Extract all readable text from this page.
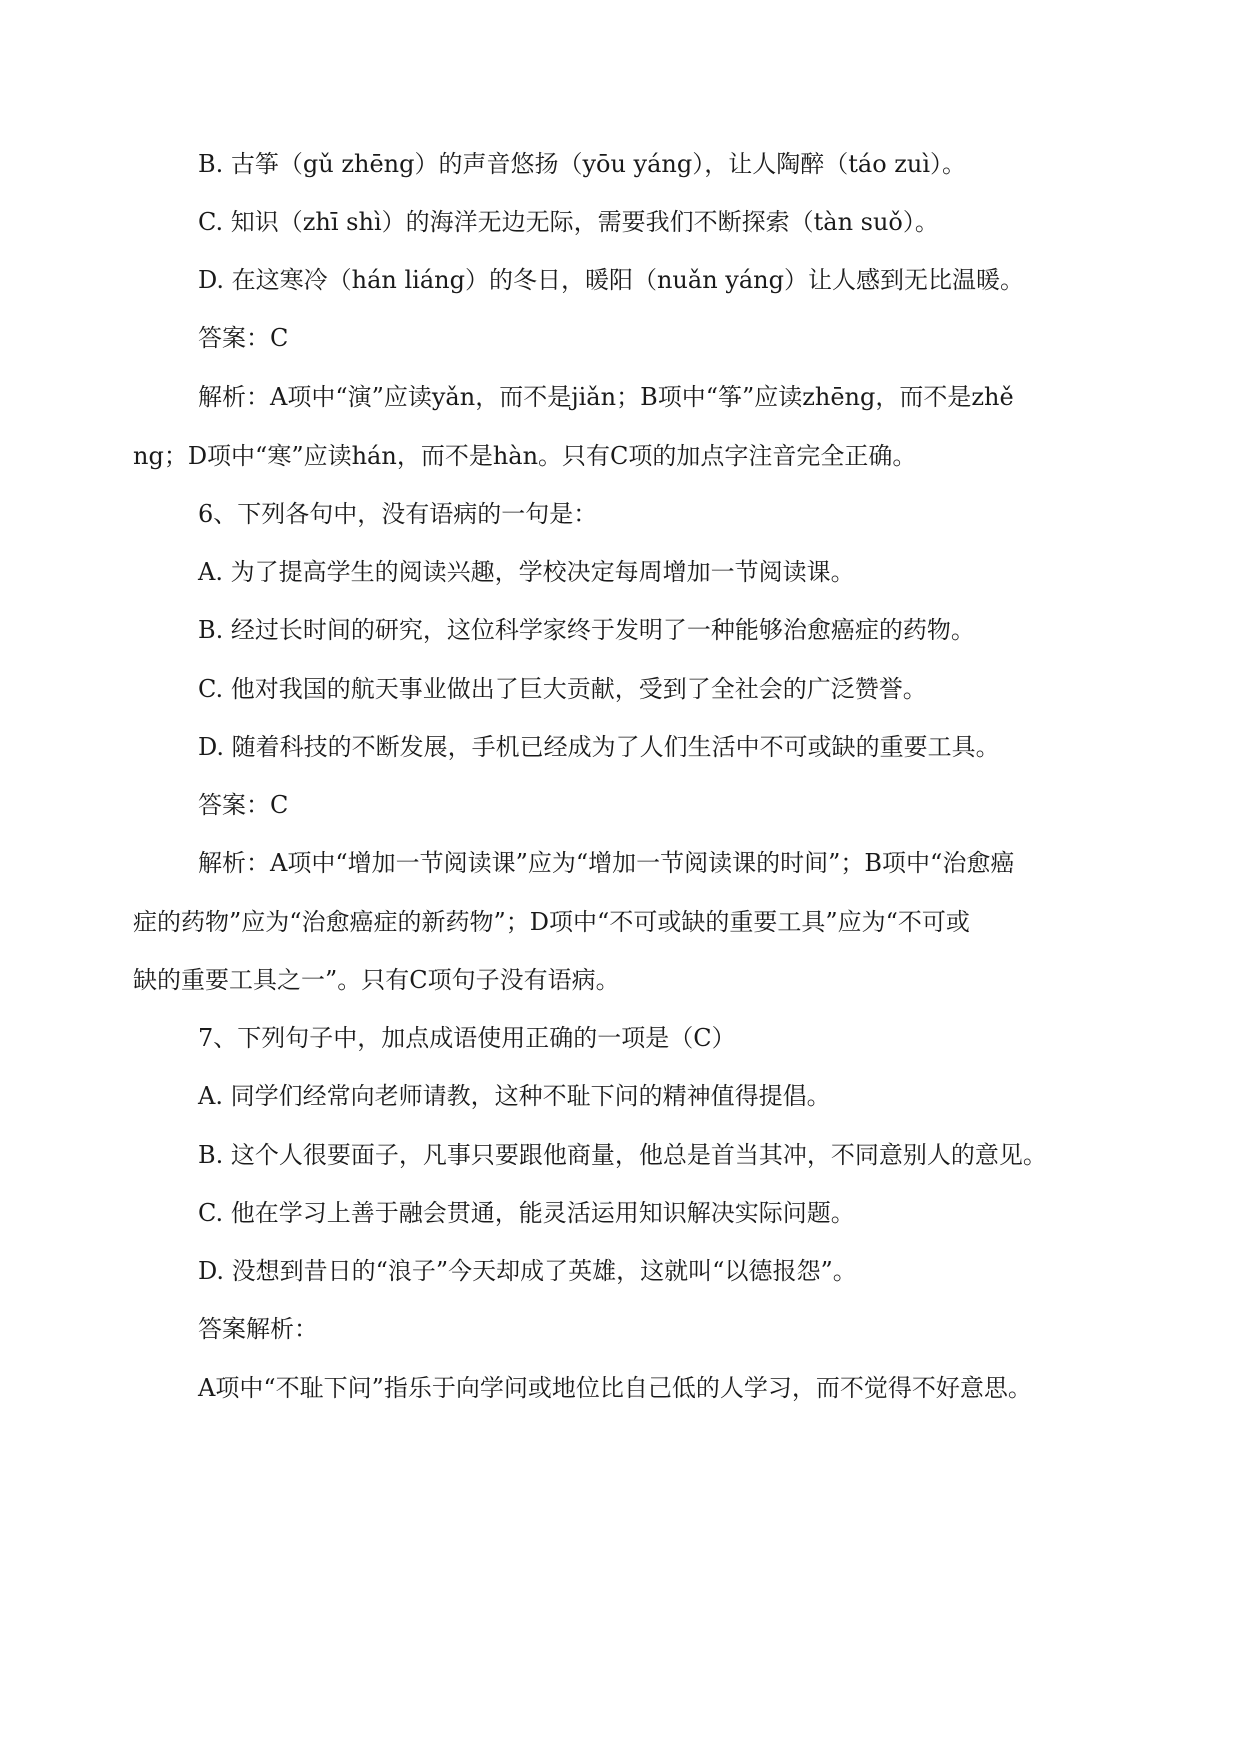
B. 古筝（gǔ zhēng）的声音悠扬（yōu yáng），让人陶醉（táo zuì）。
C. 知识（zhī shì）的海洋无边无际，需要我们不断探索（tàn suǒ）。
D. 在这寒冷（hán liáng）的冬日，暖阳（nuǎn yáng）让人感到无比温暖。
答案：C
解析：A项中“演”应读yǎn，而不是jiǎn；B项中“筝”应读zhēng，而不是zhě
ng；D项中“寒”应读hán，而不是hàn。只有C项的加点字注音完全正确。
6、下列各句中，没有语病的一句是：
A. 为了提高学生的阅读兴趣，学校决定每周增加一节阅读课。
B. 经过长时间的研究，这位科学家终于发明了一种能够治愈癌症的药物。
C. 他对我国的航天事业做出了巨大贡献，受到了全社会的广泛赞誉。
D. 随着科技的不断发展，手机已经成为了人们生活中不可或缺的重要工具。
答案：C
解析：A项中“增加一节阅读课”应为“增加一节阅读课的时间”；B项中“治愈癌
症的药物”应为“治愈癌症的新药物”；D项中“不可或缺的重要工具”应为“不可或
缺的重要工具之一”。只有C项句子没有语病。
7、下列句子中，加点成语使用正确的一项是（C）
A. 同学们经常向老师请教，这种不耻下问的精神值得提倡。
B. 这个人很要面子，凡事只要跟他商量，他总是首当其冲，不同意别人的意见。
C. 他在学习上善于融会贯通，能灵活运用知识解决实际问题。
D. 没想到昔日的“浪子”今天却成了英雄，这就叫“以德报怨”。
答案解析：
A项中“不耻下问”指乐于向学问或地位比自己低的人学习，而不觉得不好意思。
